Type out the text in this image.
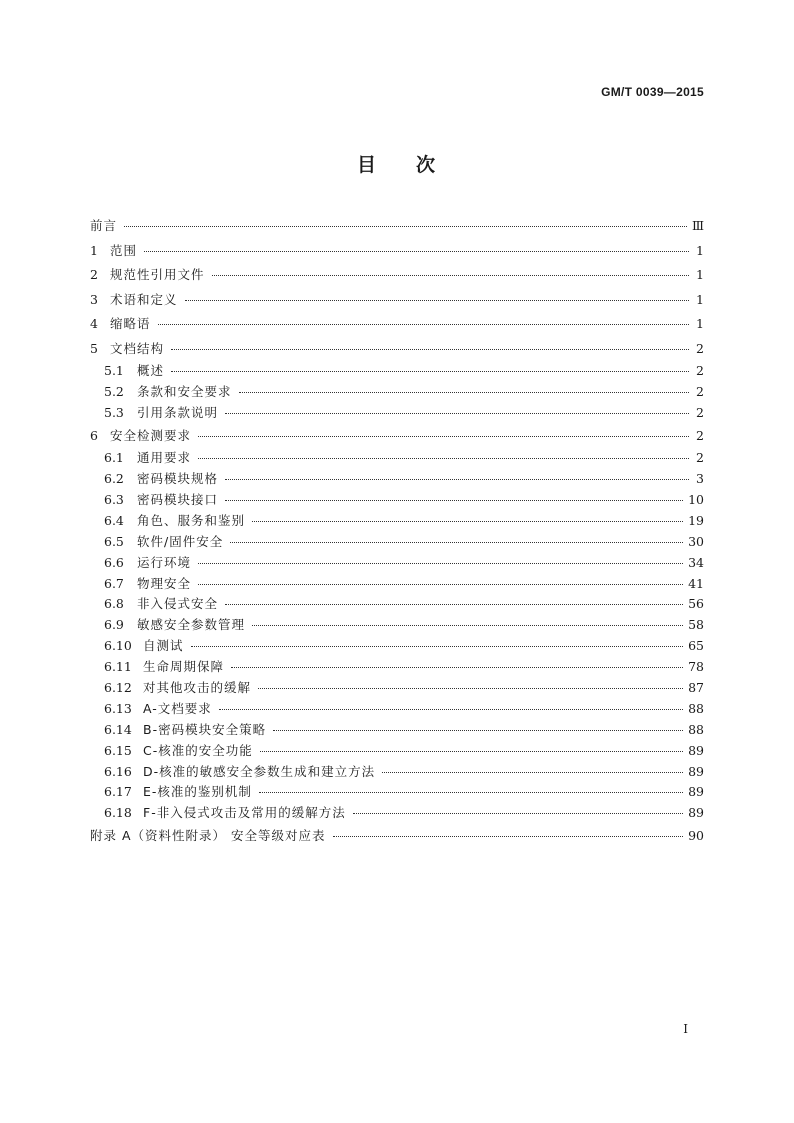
GM/T 0039—2015
目 次
前言	Ⅲ
1 范围	1
2 规范性引用文件	1
3 术语和定义	1
4 缩略语	1
5 文档结构	2
5.1	概述	2
5.2	条款和安全要求	2
5.3	引用条款说明	2
6 安全检测要求	2
6.1	通用要求	2
6.2	密码模块规格	3
6.3	密码模块接口	10
6.4	角色、服务和鉴别	19
6.5	软件/固件安全	30
6.6	运行环境	34
6.7	物理安全	41
6.8	非入侵式安全	56
6.9	敏感安全参数管理	58
6.10 自测试	65
6.11 生命周期保障	78
6.12 对其他攻击的缓解	87
6.13 A-文档要求	88
6.14 B-密码模块安全策略	88
6.15 C-核准的安全功能	89
6.16 D-核准的敏感安全参数生成和建立方法	89
6.17 E-核准的鉴别机制	89
6.18 F-非入侵式攻击及常用的缓解方法	89
附录 A（资料性附录） 安全等级对应表	90
I
